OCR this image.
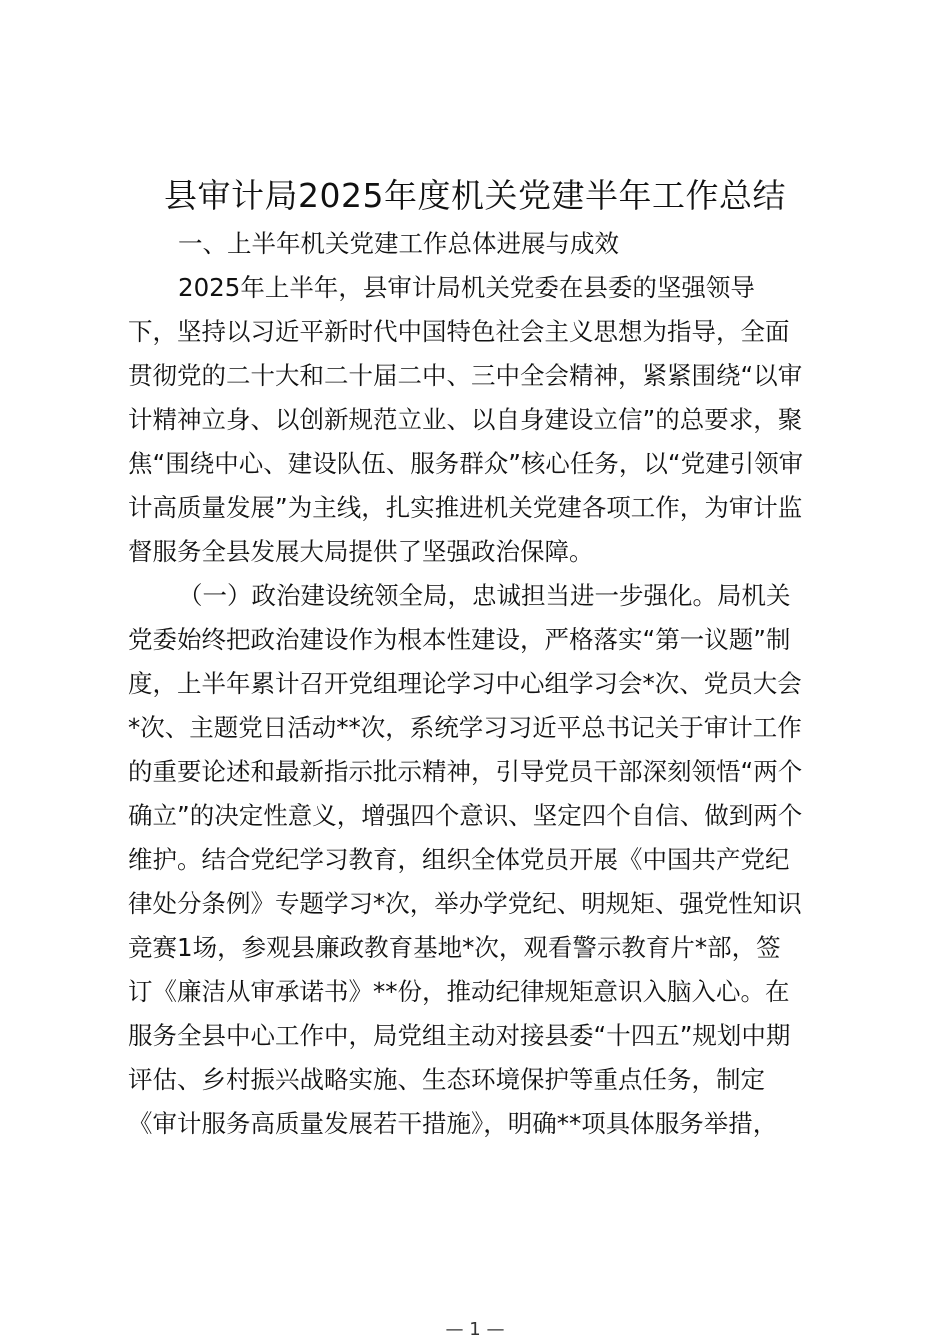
县审计局2025年度机关党建半年工作总结
一、上半年机关党建工作总体进展与成效
2025年上半年，县审计局机关党委在县委的坚强领导
下，坚持以习近平新时代中国特色社会主义思想为指导，全面
贯彻党的二十大和二十届二中、三中全会精神，紧紧围绕“以审
计精神立身、以创新规范立业、以自身建设立信”的总要求，聚
焦“围绕中心、建设队伍、服务群众”核心任务，以“党建引领审
计高质量发展”为主线，扎实推进机关党建各项工作，为审计监
督服务全县发展大局提供了坚强政治保障。
（一）政治建设统领全局，忠诚担当进一步强化。局机关
党委始终把政治建设作为根本性建设，严格落实“第一议题”制
度，上半年累计召开党组理论学习中心组学习会*次、党员大会
*次、主题党日活动**次，系统学习习近平总书记关于审计工作
的重要论述和最新指示批示精神，引导党员干部深刻领悟“两个
确立”的决定性意义，增强四个意识、坚定四个自信、做到两个
维护。结合党纪学习教育，组织全体党员开展《中国共产党纪
律处分条例》专题学习*次，举办学党纪、明规矩、强党性知识
竞赛1场，参观县廉政教育基地*次，观看警示教育片*部，签
订《廉洁从审承诺书》**份，推动纪律规矩意识入脑入心。在
服务全县中心工作中，局党组主动对接县委“十四五”规划中期
评估、乡村振兴战略实施、生态环境保护等重点任务，制定
《审计服务高质量发展若干措施》，明确**项具体服务举措，
— 1 —
